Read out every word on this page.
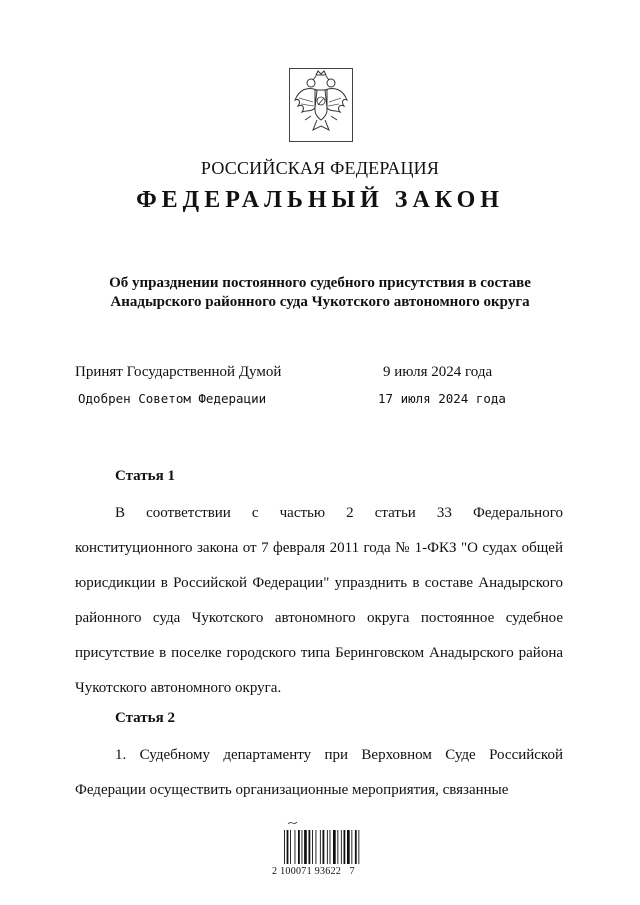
РОССИЙСКАЯ ФЕДЕРАЦИЯ
ФЕДЕРАЛЬНЫЙ ЗАКОН
Об упразднении постоянного судебного присутствия в составе Анадырского районного суда Чукотского автономного округа
Принят Государственной Думой	9 июля 2024 года
Одобрен Советом Федерации	17 июля 2024 года
Статья 1

В соответствии с частью 2 статьи 33 Федерального конституционного закона от 7 февраля 2011 года № 1-ФКЗ "О судах общей юрисдикции в Российской Федерации" упразднить в составе Анадырского районного суда Чукотского автономного округа постоянное судебное присутствие в поселке городского типа Беринговском Анадырского района Чукотского автономного округа.

Статья 2

1. Судебному департаменту при Верховном Суде Российской Федерации осуществить организационные мероприятия, связанные

2 100071 93622   7
